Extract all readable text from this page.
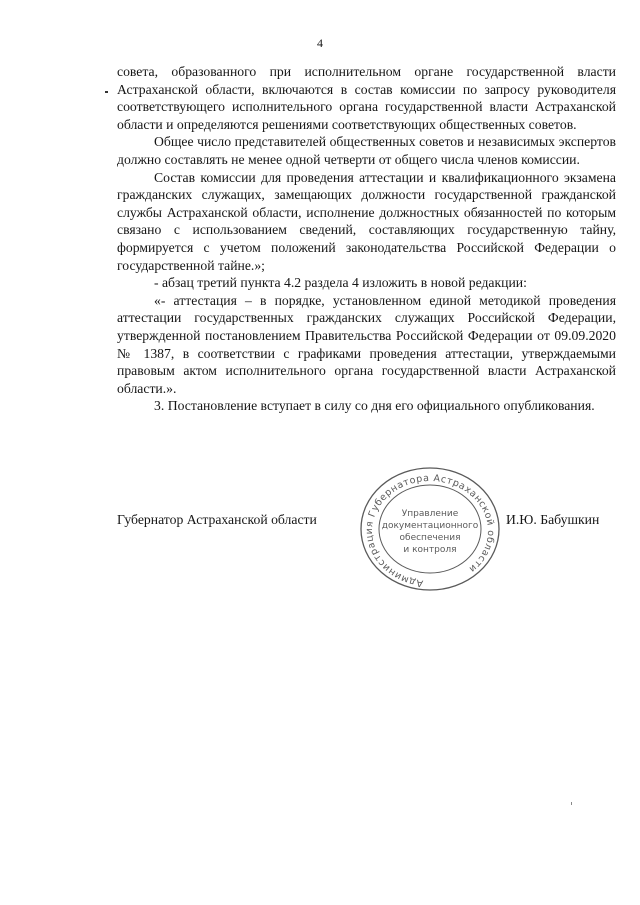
4

совета, образованного при исполнительном органе государственной власти Астраханской области, включаются в состав комиссии по запросу руководителя соответствующего исполнительного органа государственной власти Астраханской области и определяются решениями соответствующих общественных советов.

Общее число представителей общественных советов и независимых экспертов должно составлять не менее одной четверти от общего числа членов комиссии.

Состав комиссии для проведения аттестации и квалификационного экзамена гражданских служащих, замещающих должности государственной гражданской службы Астраханской области, исполнение должностных обязанностей по которым связано с использованием сведений, составляющих государственную тайну, формируется с учетом положений законодательства Российской Федерации о государственной тайне.»;

- абзац третий пункта 4.2 раздела 4 изложить в новой редакции:

«- аттестация – в порядке, установленном единой методикой проведения аттестации государственных гражданских служащих Российской Федерации, утвержденной постановлением Правительства Российской Федерации от 09.09.2020 № 1387, в соответствии с графиками проведения аттестации, утверждаемыми правовым актом исполнительного органа государственной власти Астраханской области.».

3. Постановление вступает в силу со дня его официального опубликования.

Губернатор Астраханской области
Администрация Губернатора Астраханской области
Управление
документационного
обеспечения
и контроля
И.Ю. Бабушкин
